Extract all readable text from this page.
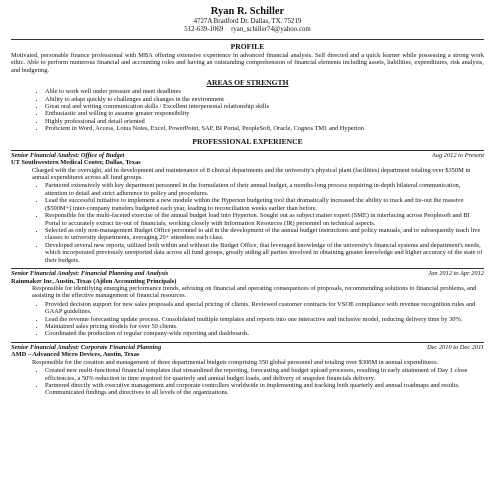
Ryan R. Schiller
4727A Bradford Dr. Dallas, TX. 75219
512-639-1069 ryan_schiller74@yahoo.com
PROFILE

Motivated, personable finance professional with MBA offering extensive experience in advanced financial analysis. Self directed and a quick learner while possessing a strong work ethic. Able to perform numerous financial and accounting roles and having an outstanding comprehension of financial elements including assets, liabilities, expenditures, risk analysis, and budgeting.

AREAS OF STRENGTH
• Able to work well under pressure and meet deadlines
• Ability to adapt quickly to challenges and changes in the environment
• Great oral and writing communication skills / Excellent interpersonal relationship skills
• Enthusiastic and willing to assume greater responsibility
• Highly professional and detail oriented
• Proficient in Word, Access, Lotus Notes, Excel, PowerPoint, SAP, BI Portal, PeopleSoft, Oracle, Cognos TM1 and Hyperion
PROFESSIONAL EXPERIENCE
Senior Financial Analyst: Office of Budget	Aug 2012 to Present
UT Southwestern Medical Center, Dallas, Texas
Charged with the oversight, aid in development and maintenance of 8 clinical departments and the university's physical plant (facilities) department totaling over $350M in annual expenditures across all fund groups.
• Partnered extensively with key department personnel in the formulation of their annual budget, a months-long process requiring in-depth bilateral communication, attention to detail and strict adherence to policy and procedures.
• Lead the successful initiative to implement a new module within the Hyperion budgeting tool that dramatically increased the ability to track and tie-out the massive ($500M+) inter-company transfers budgeted each year, leading to reconciliation weeks earlier than before.
• Responsible for the multi-faceted exercise of the annual budget load into Hyperion. Sought out as subject matter expert (SME) in interfacing across Peoplesoft and BI Portal to accurately extract tie-out of financials, working closely with Information Resources (IR) personnel on technical aspects.
• Selected as only non-management Budget Office personnel to aid in the development of the annual budget instructions and policy manuals, and to subsequently teach live classes to university departments, averaging 20+ attendees each class.
• Developed several new reports, utilized both within and without the Budget Office, that leveraged knowledge of the university's financial systems and department's needs, which incorporated previously unreported data across all fund groups, greatly aiding all parties involved in obtaining greater knowledge and higher accuracy of the state of their budgets.
Senior Financial Analyst: Financial Planning and Analysis	Jan 2012 to Apr 2012
Rainmaker Inc, Austin, Texas (Ajilon Accounting Principals)
Responsible for identifying emerging performance trends, advising on financial and operating consequences of proposals, recommending solutions to financial problems, and assisting in the effective management of financial resources.
• Provided decision support for new sales proposals and special pricing of clients. Reviewed customer contracts for VSOE compliance with revenue recognition rules and GAAP guidelines.
• Lead the revenue forecasting update process. Consolidated multiple templates and reports into one interactive and inclusive model, reducing delivery time by 30%.
• Maintained sales pricing models for over 50 clients.
• Coordinated the production of regular company-wide reporting and dashboards.
Senior Financial Analyst: Corporate Financial Planning	Dec 2010 to Dec 2011
AMD – Advanced Micro Devices, Austin, Texas
Responsible for the creation and management of three departmental budgets comprising 350 global personnel and totaling over $300M in annual expenditures.
• Created new multi-functional financial templates that streamlined the reporting, forecasting and budget upload processes, resulting in early attainment of Day 1 close efficiencies, a 50% reduction in time required for quarterly and annual budget loads, and delivery of snapshot financials delivery.
• Partnered directly with executive management and corporate controllers worldwide in implementing and tracking both quarterly and annual roadmaps and results. Communicated findings and directives to all levels of the organizations.
